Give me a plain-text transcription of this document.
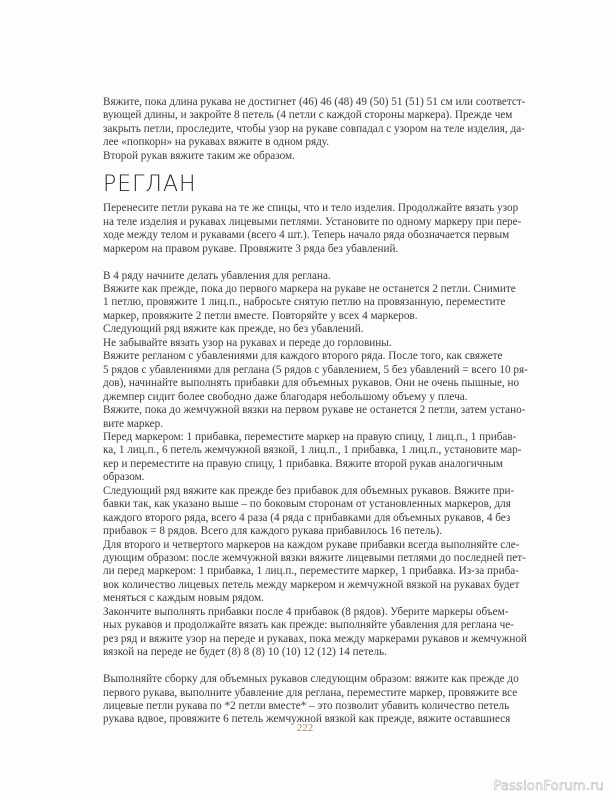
Вяжите, пока длина рукава не достигнет (46) 46 (48) 49 (50) 51 (51) 51 см или соответст-
вующей длины, и закройте 8 петель (4 петли с каждой стороны маркера). Прежде чем
закрыть петли, проследите, чтобы узор на рукаве совпадал с узором на теле изделия, да-
лее «попкорн» на рукавах вяжите в одном ряду.
Второй рукав вяжите таким же образом.
РЕГЛАН
Перенесите петли рукава на те же спицы, что и тело изделия. Продолжайте вязать узор
на теле изделия и рукавах лицевыми петлями. Установите по одному маркеру при пере-
ходе между телом и рукавами (всего 4 шт.). Теперь начало ряда обозначается первым
маркером на правом рукаве. Провяжите 3 ряда без убавлений.
В 4 ряду начните делать убавления для реглана.
Вяжите как прежде, пока до первого маркера на рукаве не останется 2 петли. Снимите
1 петлю, провяжите 1 лиц.п., набросьте снятую петлю на провязанную, переместите
маркер, провяжите 2 петли вместе. Повторяйте у всех 4 маркеров.
Следующий ряд вяжите как прежде, но без убавлений.
Не забывайте вязать узор на рукавах и переде до горловины.
Вяжите регланом с убавлениями для каждого второго ряда. После того, как свяжете
5 рядов с убавлениями для реглана (5 рядов с убавлением, 5 без убавлений = всего 10 ря-
дов), начинайте выполнять прибавки для объемных рукавов. Они не очень пышные, но
джемпер сидит более свободно даже благодаря небольшому объему у плеча.
Вяжите, пока до жемчужной вязки на первом рукаве не останется 2 петли, затем устано-
вите маркер.
Перед маркером: 1 прибавка, переместите маркер на правую спицу, 1 лиц.п., 1 прибав-
ка, 1 лиц.п., 6 петель жемчужной вязкой, 1 лиц.п., 1 прибавка, 1 лиц.п., установите мар-
кер и переместите на правую спицу, 1 прибавка. Вяжите второй рукав аналогичным
образом.
Следующий ряд вяжите как прежде без прибавок для объемных рукавов. Вяжите при-
бавки так, как указано выше – по боковым сторонам от установленных маркеров, для
каждого второго ряда, всего 4 раза (4 ряда с прибавками для объемных рукавов, 4 без
прибавок = 8 рядов. Всего для каждого рукава прибавилось 16 петель).
Для второго и четвертого маркеров на каждом рукаве прибавки всегда выполняйте сле-
дующим образом: после жемчужной вязки вяжите лицевыми петлями до последней пет-
ли перед маркером: 1 прибавка, 1 лиц.п., переместите маркер, 1 прибавка. Из-за приба-
вок количество лицевых петель между маркером и жемчужной вязкой на рукавах будет
меняться с каждым новым рядом.
Закончите выполнять прибавки после 4 прибавок (8 рядов). Уберите маркеры объем-
ных рукавов и продолжайте вязать как прежде: выполняйте убавления для реглана че-
рез ряд и вяжите узор на переде и рукавах, пока между маркерами рукавов и жемчужной
вязкой на переде не будет (8) 8 (8) 10 (10) 12 (12) 14 петель.
Выполняйте сборку для объемных рукавов следующим образом: вяжите как прежде до
первого рукава, выполните убавление для реглана, переместите маркер, провяжите все
лицевые петли рукава по *2 петли вместе* – это позволит убавить количество петель
рукава вдвое, провяжите 6 петель жемчужной вязкой как прежде, вяжите оставшиеся
222
PassionForum.ru
